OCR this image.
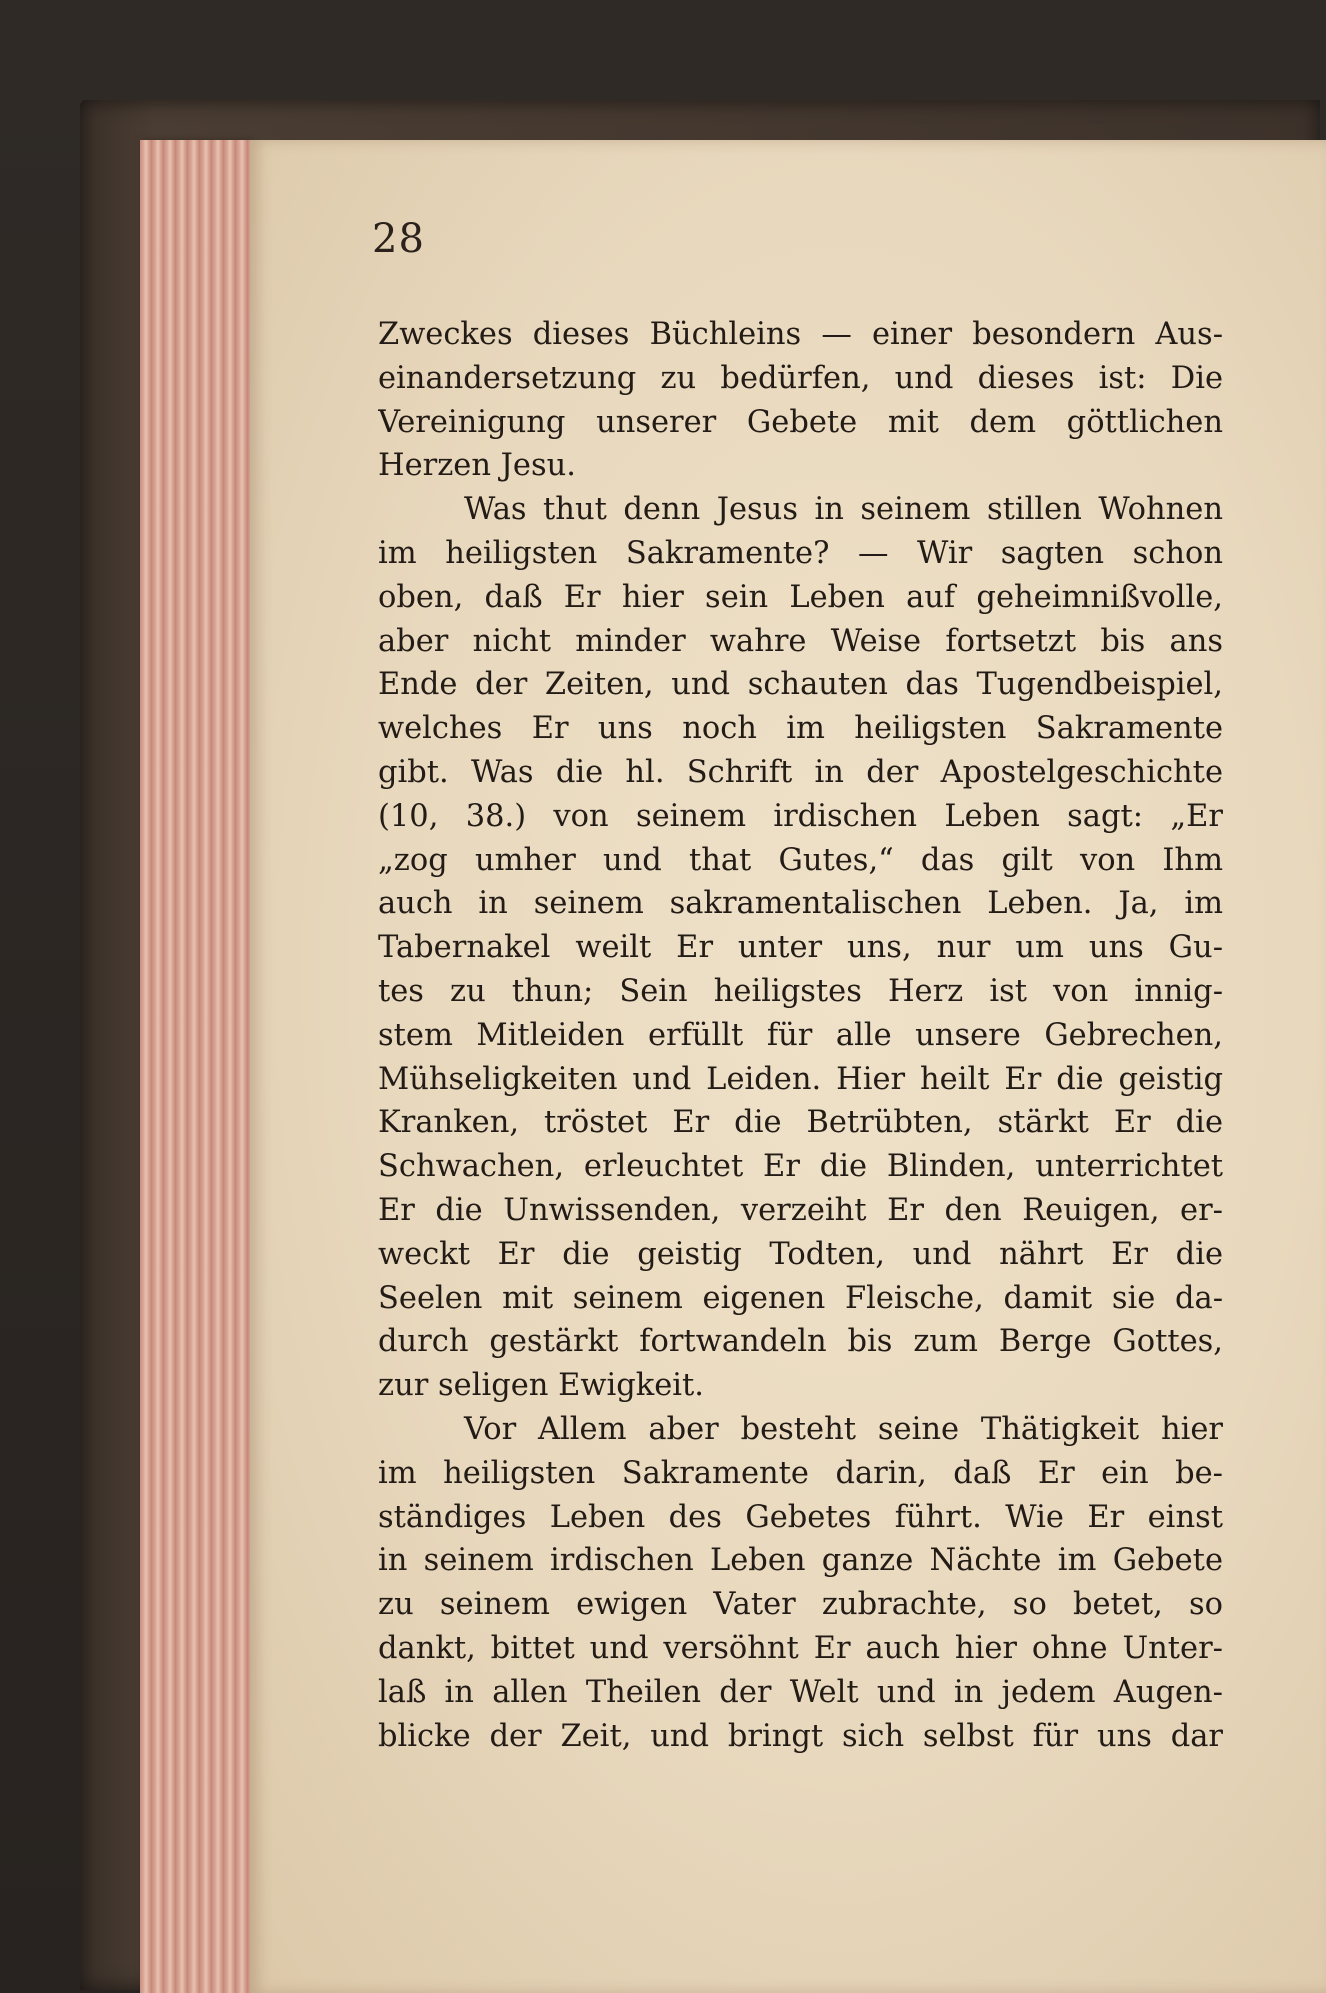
28
Zweckes dieses Büchleins — einer besondern Aus-
einandersetzung zu bedürfen, und dieses ist: Die
Vereinigung unserer Gebete mit dem göttlichen
Herzen Jesu.
Was thut denn Jesus in seinem stillen Wohnen
im heiligsten Sakramente? — Wir sagten schon
oben, daß Er hier sein Leben auf geheimnißvolle,
aber nicht minder wahre Weise fortsetzt bis ans
Ende der Zeiten, und schauten das Tugendbeispiel,
welches Er uns noch im heiligsten Sakramente
gibt. Was die hl. Schrift in der Apostelgeschichte
(10, 38.) von seinem irdischen Leben sagt: „Er
„zog umher und that Gutes,“ das gilt von Ihm
auch in seinem sakramentalischen Leben. Ja, im
Tabernakel weilt Er unter uns, nur um uns Gu-
tes zu thun; Sein heiligstes Herz ist von innig-
stem Mitleiden erfüllt für alle unsere Gebrechen,
Mühseligkeiten und Leiden. Hier heilt Er die geistig
Kranken, tröstet Er die Betrübten, stärkt Er die
Schwachen, erleuchtet Er die Blinden, unterrichtet
Er die Unwissenden, verzeiht Er den Reuigen, er-
weckt Er die geistig Todten, und nährt Er die
Seelen mit seinem eigenen Fleische, damit sie da-
durch gestärkt fortwandeln bis zum Berge Gottes,
zur seligen Ewigkeit.
Vor Allem aber besteht seine Thätigkeit hier
im heiligsten Sakramente darin, daß Er ein be-
ständiges Leben des Gebetes führt. Wie Er einst
in seinem irdischen Leben ganze Nächte im Gebete
zu seinem ewigen Vater zubrachte, so betet, so
dankt, bittet und versöhnt Er auch hier ohne Unter-
laß in allen Theilen der Welt und in jedem Augen-
blicke der Zeit, und bringt sich selbst für uns dar
